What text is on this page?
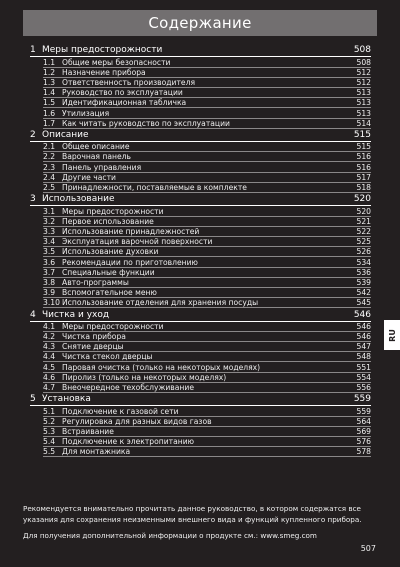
Содержание
1 Меры предосторожности	508
1.1 Общие меры безопасности	508
1.2 Назначение прибора	512
1.3 Ответственность производителя	512
1.4 Руководство по эксплуатации	513
1.5 Идентификационная табличка	513
1.6 Утилизация	513
1.7 Как читать руководство по эксплуатации	514
2 Описание	515
2.1 Общее описание	515
2.2 Варочная панель	516
2.3 Панель управления	516
2.4 Другие части	517
2.5 Принадлежности, поставляемые в комплекте	518
3 Использование	520
3.1 Меры предосторожности	520
3.2 Первое использование	521
3.3 Использование принадлежностей	522
3.4 Эксплуатация варочной поверхности	525
3.5 Использование духовки	526
3.6 Рекомендации по приготовлению	534
3.7 Специальные функции	536
3.8 Авто-программы	539
3.9 Вспомогательное меню	542
3.10 Использование отделения для хранения посуды	545
4 Чистка и уход	546
4.1 Меры предосторожности	546
4.2 Чистка прибора	546
4.3 Снятие дверцы	547
4.4 Чистка стекол дверцы	548
4.5 Паровая очистка (только на некоторых моделях)	551
4.6 Пиролиз (только на некоторых моделях)	554
4.7 Внеочередное техобслуживание	556
5 Установка	559
5.1 Подключение к газовой сети	559
5.2 Регулировка для разных видов газов	564
5.3 Встраивание	569
5.4 Подключение к электропитанию	576
5.5 Для монтажника	578

Рекомендуется внимательно прочитать данное руководство, в котором содержатся все указания для сохранения неизменными внешнего вида и функций купленного прибора.

Для получения дополнительной информации о продукте см.: www.smeg.com

RU
507
